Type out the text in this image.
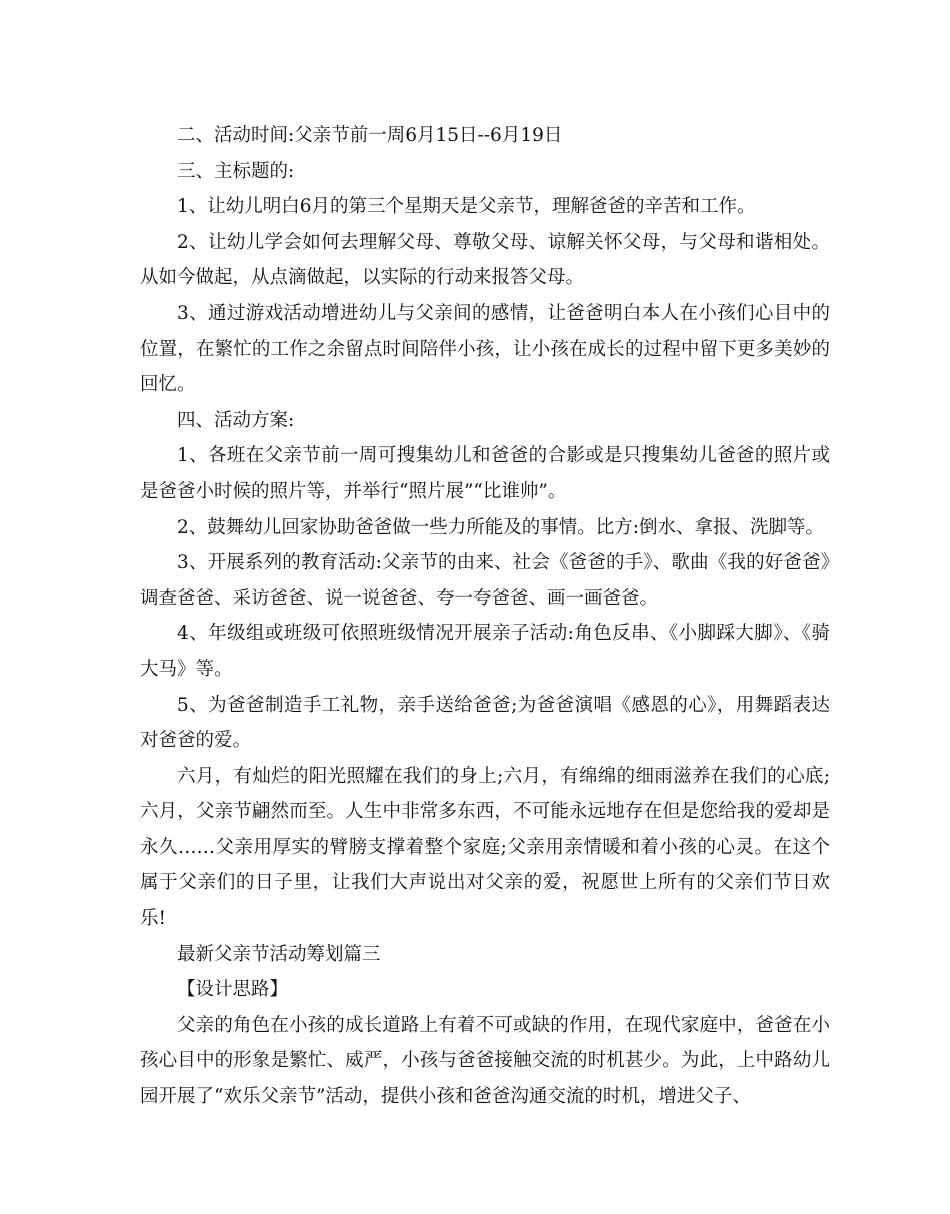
二、活动时间:父亲节前一周6月15日--6月19日

三、主标题的:

1、让幼儿明白6月的第三个星期天是父亲节，理解爸爸的辛苦和工作。

2、让幼儿学会如何去理解父母、尊敬父母、谅解关怀父母，与父母和谐相处。从如今做起，从点滴做起，以实际的行动来报答父母。

3、通过游戏活动增进幼儿与父亲间的感情，让爸爸明白本人在小孩们心目中的位置，在繁忙的工作之余留点时间陪伴小孩，让小孩在成长的过程中留下更多美妙的回忆。

四、活动方案:

1、各班在父亲节前一周可搜集幼儿和爸爸的合影或是只搜集幼儿爸爸的照片或是爸爸小时候的照片等，并举行“照片展”“比谁帅”。

2、鼓舞幼儿回家协助爸爸做一些力所能及的事情。比方:倒水、拿报、洗脚等。

3、开展系列的教育活动:父亲节的由来、社会《爸爸的手》、歌曲《我的好爸爸》调查爸爸、采访爸爸、说一说爸爸、夸一夸爸爸、画一画爸爸。

4、年级组或班级可依照班级情况开展亲子活动:角色反串、《小脚踩大脚》、《骑大马》等。

5、为爸爸制造手工礼物，亲手送给爸爸;为爸爸演唱《感恩的心》，用舞蹈表达对爸爸的爱。

六月，有灿烂的阳光照耀在我们的身上;六月，有绵绵的细雨滋养在我们的心底;六月，父亲节翩然而至。人生中非常多东西，不可能永远地存在但是您给我的爱却是永久……父亲用厚实的臂膀支撑着整个家庭;父亲用亲情暖和着小孩的心灵。在这个属于父亲们的日子里，让我们大声说出对父亲的爱，祝愿世上所有的父亲们节日欢乐!

最新父亲节活动筹划篇三

【设计思路】

父亲的角色在小孩的成长道路上有着不可或缺的作用，在现代家庭中，爸爸在小孩心目中的形象是繁忙、威严，小孩与爸爸接触交流的时机甚少。为此，上中路幼儿园开展了“欢乐父亲节”活动，提供小孩和爸爸沟通交流的时机，增进父子、
